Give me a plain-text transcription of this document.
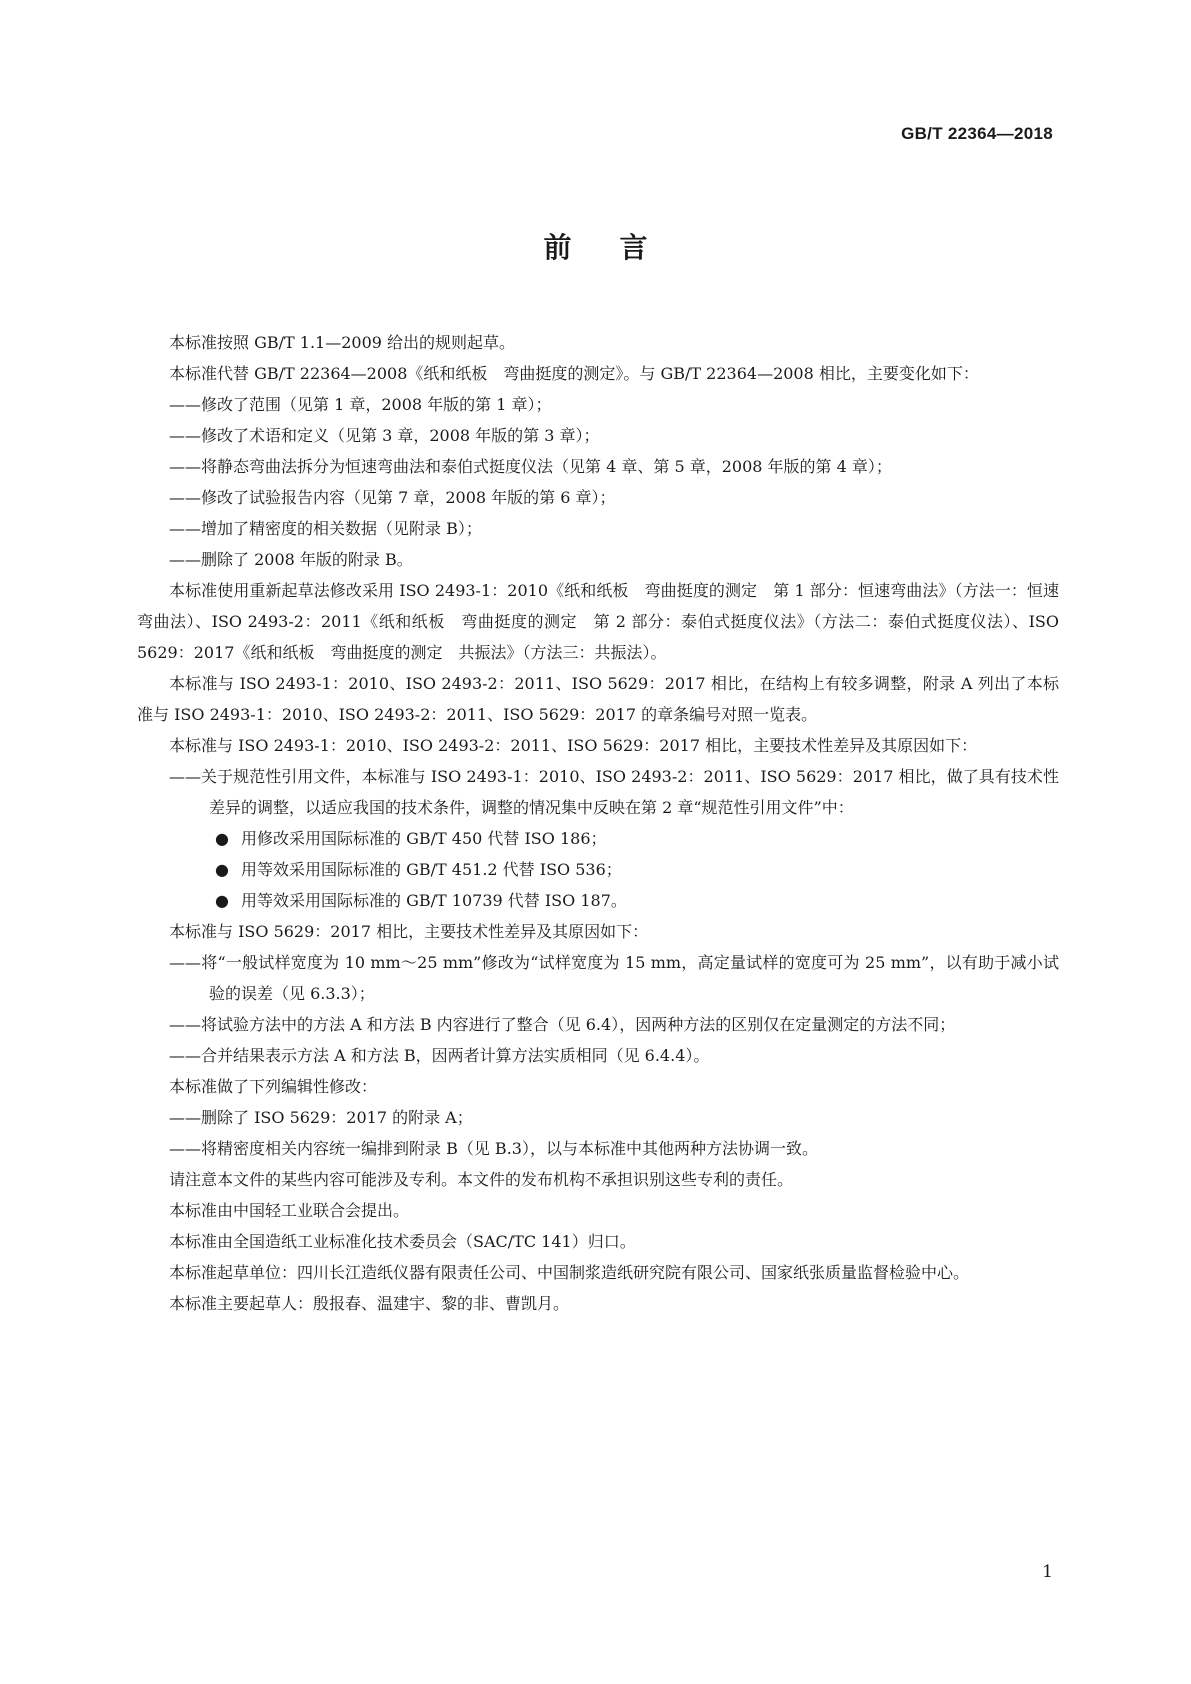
GB/T 22364—2018
前言

本标准按照 GB/T 1.1—2009 给出的规则起草。

本标准代替 GB/T 22364—2008《纸和纸板　弯曲挺度的测定》。与 GB/T 22364—2008 相比，主要变化如下：

——修改了范围（见第 1 章，2008 年版的第 1 章）；

——修改了术语和定义（见第 3 章，2008 年版的第 3 章）；

——将静态弯曲法拆分为恒速弯曲法和泰伯式挺度仪法（见第 4 章、第 5 章，2008 年版的第 4 章）；

——修改了试验报告内容（见第 7 章，2008 年版的第 6 章）；

——增加了精密度的相关数据（见附录 B）；

——删除了 2008 年版的附录 B。

本标准使用重新起草法修改采用 ISO 2493-1：2010《纸和纸板　弯曲挺度的测定　第 1 部分：恒速弯曲法》（方法一：恒速弯曲法）、ISO 2493-2：2011《纸和纸板　弯曲挺度的测定　第 2 部分：泰伯式挺度仪法》（方法二：泰伯式挺度仪法）、ISO 5629：2017《纸和纸板　弯曲挺度的测定　共振法》（方法三：共振法）。

本标准与 ISO 2493-1：2010、ISO 2493-2：2011、ISO 5629：2017 相比，在结构上有较多调整，附录 A 列出了本标准与 ISO 2493-1：2010、ISO 2493-2：2011、ISO 5629：2017 的章条编号对照一览表。

本标准与 ISO 2493-1：2010、ISO 2493-2：2011、ISO 5629：2017 相比，主要技术性差异及其原因如下：

——关于规范性引用文件，本标准与 ISO 2493-1：2010、ISO 2493-2：2011、ISO 5629：2017 相比，做了具有技术性差异的调整，以适应我国的技术条件，调整的情况集中反映在第 2 章“规范性引用文件”中：

● 用修改采用国际标准的 GB/T 450 代替 ISO 186；
● 用等效采用国际标准的 GB/T 451.2 代替 ISO 536；
● 用等效采用国际标准的 GB/T 10739 代替 ISO 187。

本标准与 ISO 5629：2017 相比，主要技术性差异及其原因如下：

——将“一般试样宽度为 10 mm～25 mm”修改为“试样宽度为 15 mm，高定量试样的宽度可为 25 mm”，以有助于减小试验的误差（见 6.3.3）；

——将试验方法中的方法 A 和方法 B 内容进行了整合（见 6.4），因两种方法的区别仅在定量测定的方法不同；

——合并结果表示方法 A 和方法 B，因两者计算方法实质相同（见 6.4.4）。

本标准做了下列编辑性修改：

——删除了 ISO 5629：2017 的附录 A；

——将精密度相关内容统一编排到附录 B（见 B.3），以与本标准中其他两种方法协调一致。

请注意本文件的某些内容可能涉及专利。本文件的发布机构不承担识别这些专利的责任。

本标准由中国轻工业联合会提出。

本标准由全国造纸工业标准化技术委员会（SAC/TC 141）归口。

本标准起草单位：四川长江造纸仪器有限责任公司、中国制浆造纸研究院有限公司、国家纸张质量监督检验中心。

本标准主要起草人：殷报春、温建宇、黎的非、曹凯月。

1
